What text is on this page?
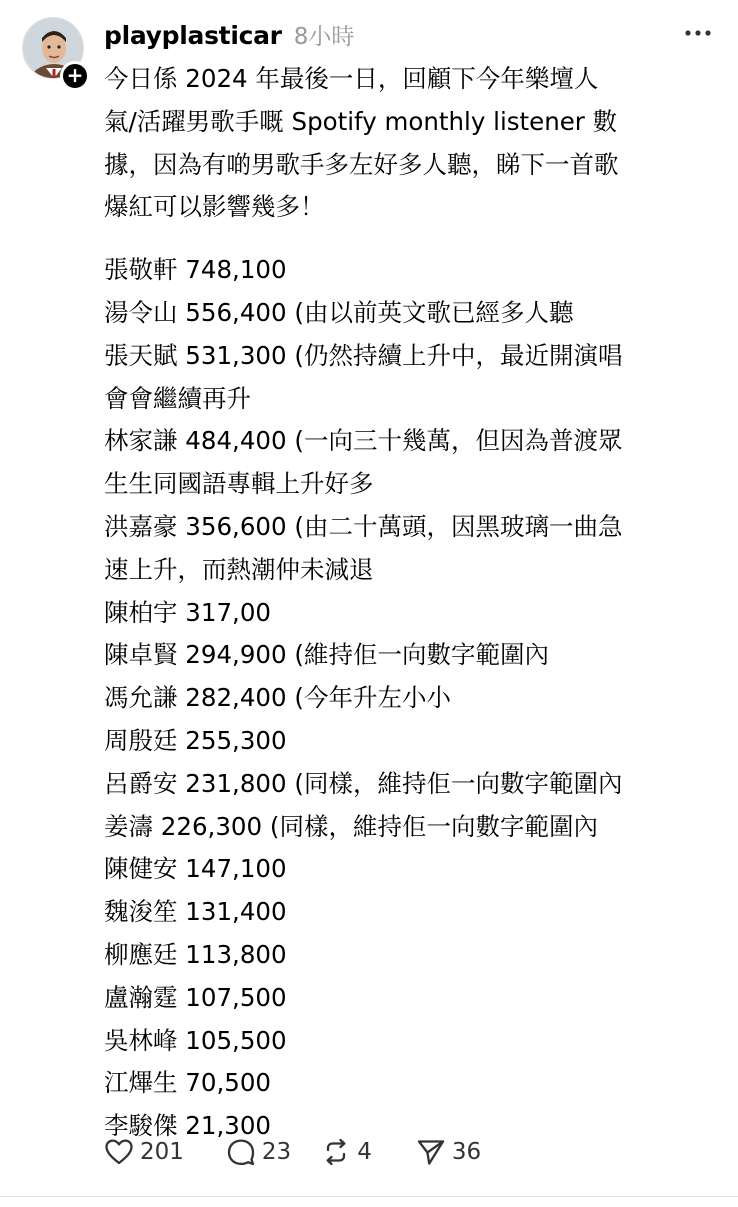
+
playplasticar 8小時
今日係 2024 年最後一日，回顧下今年樂壇人
氣/活躍男歌手嘅 Spotify monthly listener 數
據，因為有啲男歌手多左好多人聽，睇下一首歌
爆紅可以影響幾多！
張敬軒 748,100
湯令山 556,400 (由以前英文歌已經多人聽
張天賦 531,300 (仍然持續上升中，最近開演唱
會會繼續再升
林家謙 484,400 (一向三十幾萬，但因為普渡眾
生生同國語專輯上升好多
洪嘉豪 356,600 (由二十萬頭，因黑玻璃一曲急
速上升，而熱潮仲未減退
陳柏宇 317,00
陳卓賢 294,900 (維持佢一向數字範圍內
馮允謙 282,400 (今年升左小小
周殷廷 255,300
呂爵安 231,800 (同樣，維持佢一向數字範圍內
姜濤 226,300 (同樣，維持佢一向數字範圍內
陳健安 147,100
魏浚笙 131,400
柳應廷 113,800
盧瀚霆 107,500
吳林峰 105,500
江熚生 70,500
李駿傑 21,300
201	23	4	36
